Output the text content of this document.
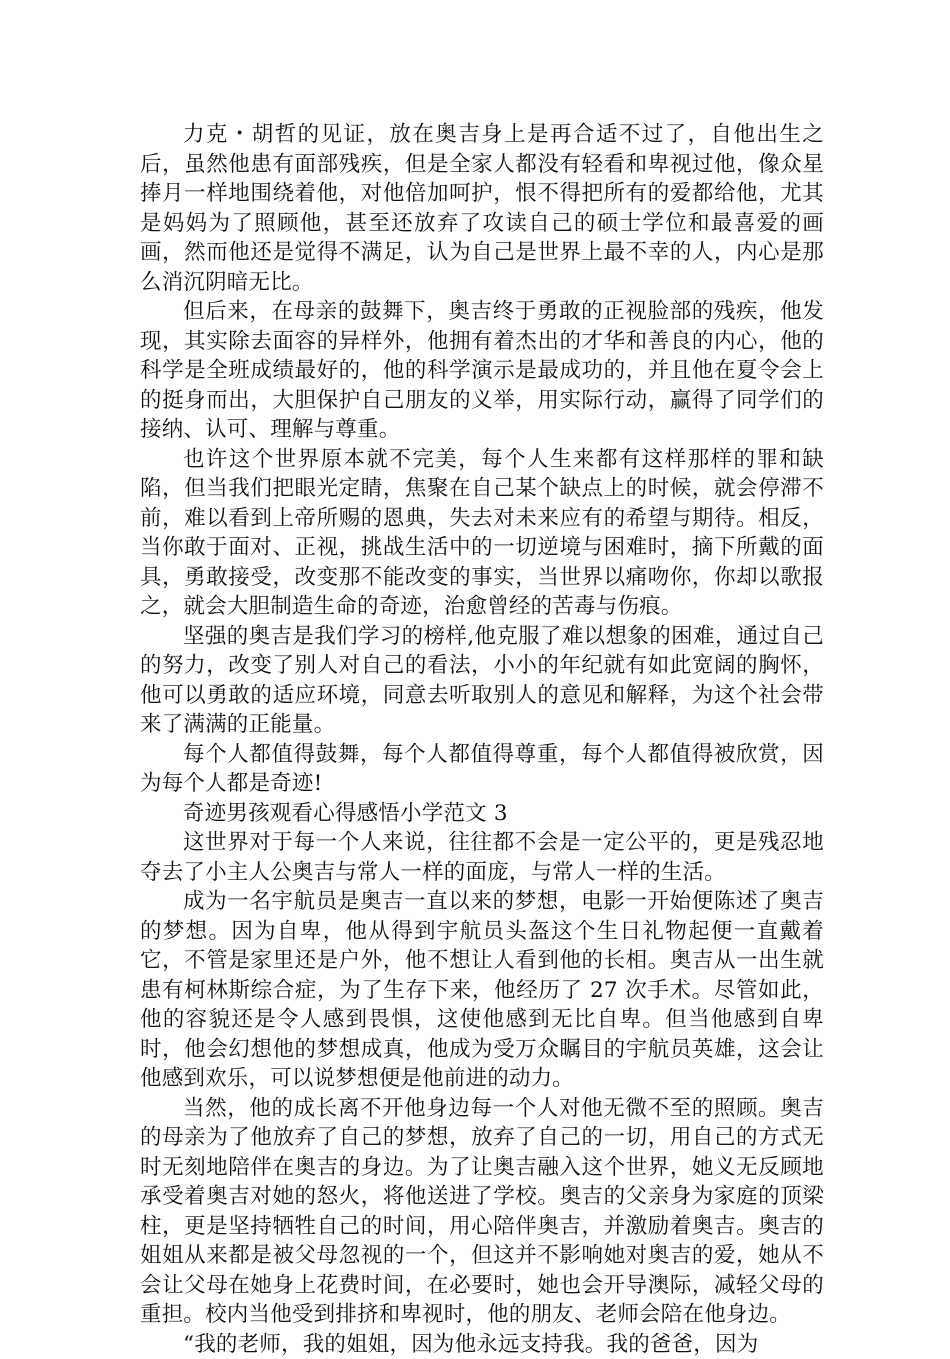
力克・胡哲的见证，放在奥吉身上是再合适不过了，自他出生之后，虽然他患有面部残疾，但是全家人都没有轻看和卑视过他，像众星捧月一样地围绕着他，对他倍加呵护，恨不得把所有的爱都给他，尤其是妈妈为了照顾他，甚至还放弃了攻读自己的硕士学位和最喜爱的画画，然而他还是觉得不满足，认为自己是世界上最不幸的人，内心是那么消沉阴暗无比。

但后来，在母亲的鼓舞下，奥吉终于勇敢的正视脸部的残疾，他发现，其实除去面容的异样外，他拥有着杰出的才华和善良的内心，他的科学是全班成绩最好的，他的科学演示是最成功的，并且他在夏令会上的挺身而出，大胆保护自己朋友的义举，用实际行动，赢得了同学们的接纳、认可、理解与尊重。

也许这个世界原本就不完美，每个人生来都有这样那样的罪和缺陷，但当我们把眼光定睛，焦聚在自己某个缺点上的时候，就会停滞不前，难以看到上帝所赐的恩典，失去对未来应有的希望与期待。相反，当你敢于面对、正视，挑战生活中的一切逆境与困难时，摘下所戴的面具，勇敢接受，改变那不能改变的事实，当世界以痛吻你，你却以歌报之，就会大胆制造生命的奇迹，治愈曾经的苦毒与伤痕。

坚强的奥吉是我们学习的榜样,他克服了难以想象的困难，通过自己的努力，改变了别人对自己的看法，小小的年纪就有如此宽阔的胸怀，他可以勇敢的适应环境，同意去听取别人的意见和解释，为这个社会带来了满满的正能量。

每个人都值得鼓舞，每个人都值得尊重，每个人都值得被欣赏，因为每个人都是奇迹!

奇迹男孩观看心得感悟小学范文 3

这世界对于每一个人来说，往往都不会是一定公平的，更是残忍地夺去了小主人公奥吉与常人一样的面庞，与常人一样的生活。

成为一名宇航员是奥吉一直以来的梦想，电影一开始便陈述了奥吉的梦想。因为自卑，他从得到宇航员头盔这个生日礼物起便一直戴着它，不管是家里还是户外，他不想让人看到他的长相。奥吉从一出生就患有柯林斯综合症，为了生存下来，他经历了 27 次手术。尽管如此，他的容貌还是令人感到畏惧，这使他感到无比自卑。但当他感到自卑时，他会幻想他的梦想成真，他成为受万众瞩目的宇航员英雄，这会让他感到欢乐，可以说梦想便是他前进的动力。

当然，他的成长离不开他身边每一个人对他无微不至的照顾。奥吉的母亲为了他放弃了自己的梦想，放弃了自己的一切，用自己的方式无时无刻地陪伴在奥吉的身边。为了让奥吉融入这个世界，她义无反顾地承受着奥吉对她的怒火，将他送进了学校。奥吉的父亲身为家庭的顶梁柱，更是坚持牺牲自己的时间，用心陪伴奥吉，并激励着奥吉。奥吉的姐姐从来都是被父母忽视的一个，但这并不影响她对奥吉的爱，她从不会让父母在她身上花费时间，在必要时，她也会开导澳际，减轻父母的重担。校内当他受到排挤和卑视时，他的朋友、老师会陪在他身边。

“我的老师，我的姐姐，因为他永远支持我。我的爸爸，因为
